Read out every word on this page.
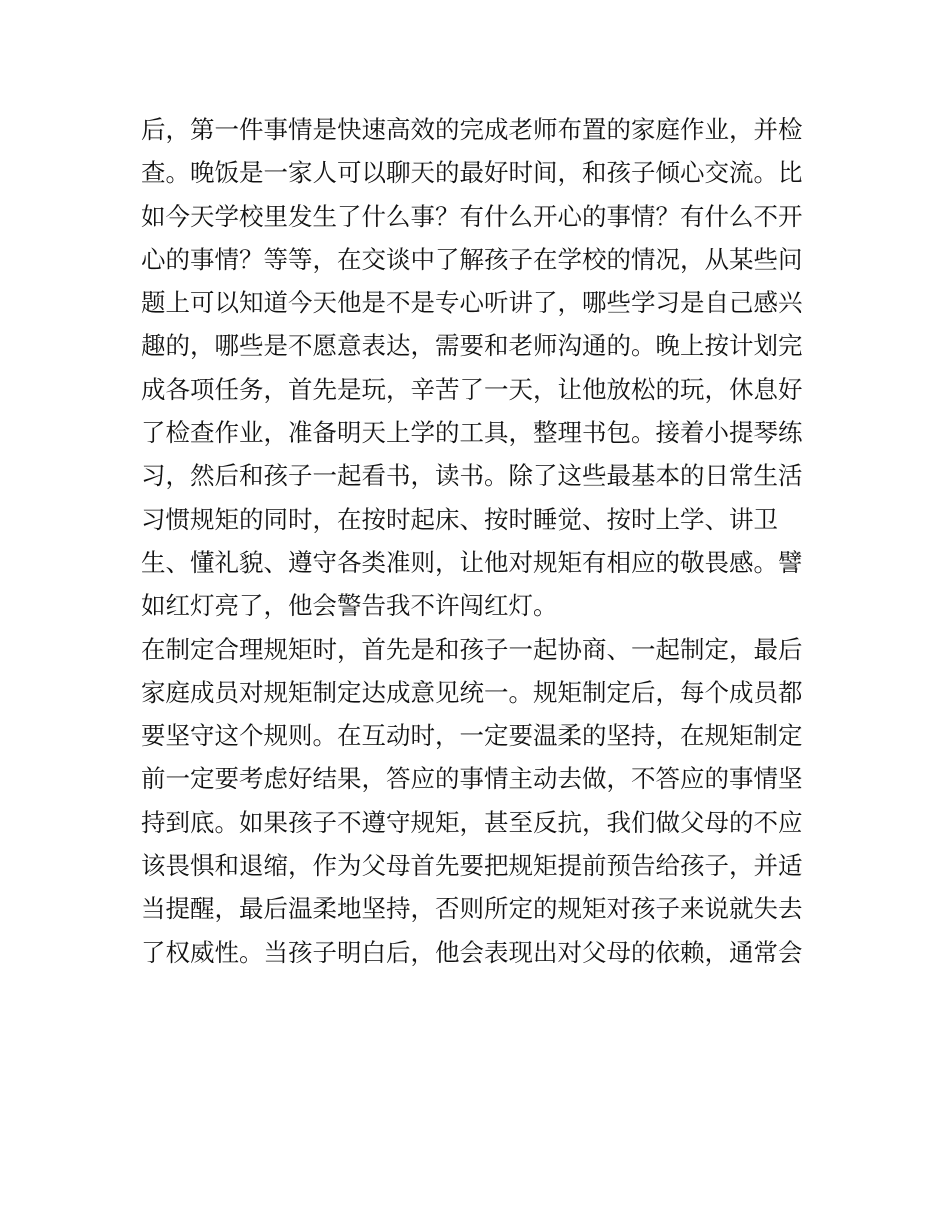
后，第一件事情是快速高效的完成老师布置的家庭作业，并检
查。晚饭是一家人可以聊天的最好时间，和孩子倾心交流。比
如今天学校里发生了什么事？有什么开心的事情？有什么不开
心的事情？等等，在交谈中了解孩子在学校的情况，从某些问
题上可以知道今天他是不是专心听讲了，哪些学习是自己感兴
趣的，哪些是不愿意表达，需要和老师沟通的。晚上按计划完
成各项任务，首先是玩，辛苦了一天，让他放松的玩，休息好
了检查作业，准备明天上学的工具，整理书包。接着小提琴练
习，然后和孩子一起看书，读书。除了这些最基本的日常生活
习惯规矩的同时，在按时起床、按时睡觉、按时上学、讲卫
生、懂礼貌、遵守各类准则，让他对规矩有相应的敬畏感。譬
如红灯亮了，他会警告我不许闯红灯。
在制定合理规矩时，首先是和孩子一起协商、一起制定，最后
家庭成员对规矩制定达成意见统一。规矩制定后，每个成员都
要坚守这个规则。在互动时，一定要温柔的坚持，在规矩制定
前一定要考虑好结果，答应的事情主动去做，不答应的事情坚
持到底。如果孩子不遵守规矩，甚至反抗，我们做父母的不应
该畏惧和退缩，作为父母首先要把规矩提前预告给孩子，并适
当提醒，最后温柔地坚持，否则所定的规矩对孩子来说就失去
了权威性。当孩子明白后，他会表现出对父母的依赖，通常会
